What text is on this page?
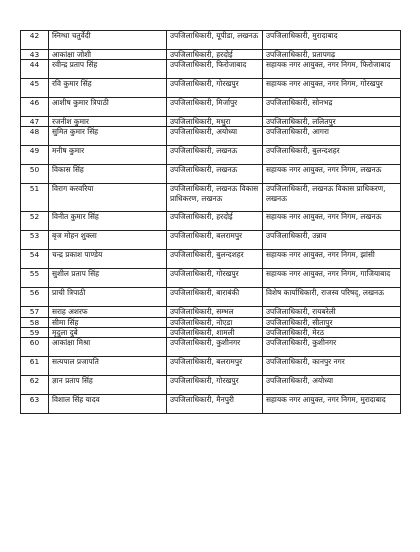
42	स्निग्धा चतुर्वेदी	उपजिलाधिकारी, यूपीडा, लखनऊ	उपजिलाधिकारी, मुरादाबाद
43	आकांक्षा जोशी	उपजिलाधिकारी, हरदोई	उपजिलाधिकारी, प्रतापगढ़
44	रवीन्द्र प्रताप सिंह	उपजिलाधिकारी, फिरोजाबाद	सहायक नगर आयुक्त, नगर निगम, फिरोजाबाद
45	रवि कुमार सिंह	उपजिलाधिकारी, गोरखपुर	सहायक नगर आयुक्त, नगर निगम, गोरखपुर
46	आशीष कुमार त्रिपाठी	उपजिलाधिकारी, मिर्जापुर	उपजिलाधिकारी, सोनभद्र
47	रजनीश कुमार	उपजिलाधिकारी, मथुरा	उपजिलाधिकारी, ललितपुर
48	सुमित कुमार सिंह	उपजिलाधिकारी, अयोध्या	उपजिलाधिकारी, आगरा
49	मनीष कुमार	उपजिलाधिकारी, लखनऊ	उपजिलाधिकारी, बुलन्दशहर
50	विकास सिंह	उपजिलाधिकारी, लखनऊ	सहायक नगर आयुक्त, नगर निगम, लखनऊ
51	विराग करवरिया	उपजिलाधिकारी, लखनऊ विकास प्राधिकरण, लखनऊ	उपजिलाधिकारी, लखनऊ विकास प्राधिकरण, लखनऊ
52	विनीत कुमार सिंह	उपजिलाधिकारी, हरदोई	सहायक नगर आयुक्त, नगर निगम, लखनऊ
53	बृज मोहन शुक्ला	उपजिलाधिकारी, बलरामपुर	उपजिलाधिकारी, उन्नाव
54	चन्द्र प्रकाश पाण्डेय	उपजिलाधिकारी, बुलन्दशहर	सहायक नगर आयुक्त, नगर निगम, झांसी
55	सुशील प्रताप सिंह	उपजिलाधिकारी, गोरखपुर	सहायक नगर आयुक्त, नगर निगम, गाजियाबाद
56	प्राची त्रिपाठी	उपजिलाधिकारी, बाराबंकी	विशेष कार्याधिकारी, राजस्व परिषद्, लखनऊ
57	सराह अशरफ	उपजिलाधिकारी, सम्भल	उपजिलाधिकारी, रायबरेली
58	सीमा सिंह	उपजिलाधिकारी, नोएडा	उपजिलाधिकारी, सीतापुर
59	मृदुला दुबे	उपजिलाधिकारी, शामली	उपजिलाधिकारी, मेरठ
60	आकांक्षा मिश्रा	उपजिलाधिकारी, कुशीनगर	उपजिलाधिकारी, कुशीनगर
61	सत्यपाल प्रजापति	उपजिलाधिकारी, बलरामपुर	उपजिलाधिकारी, कानपुर नगर
62	ज्ञान प्रताप सिंह	उपजिलाधिकारी, गोरखपुर	उपजिलाधिकारी, अयोध्या
63	विशाल सिंह यादव	उपजिलाधिकारी, मैनपुरी	सहायक नगर आयुक्त, नगर निगम, मुरादाबाद
